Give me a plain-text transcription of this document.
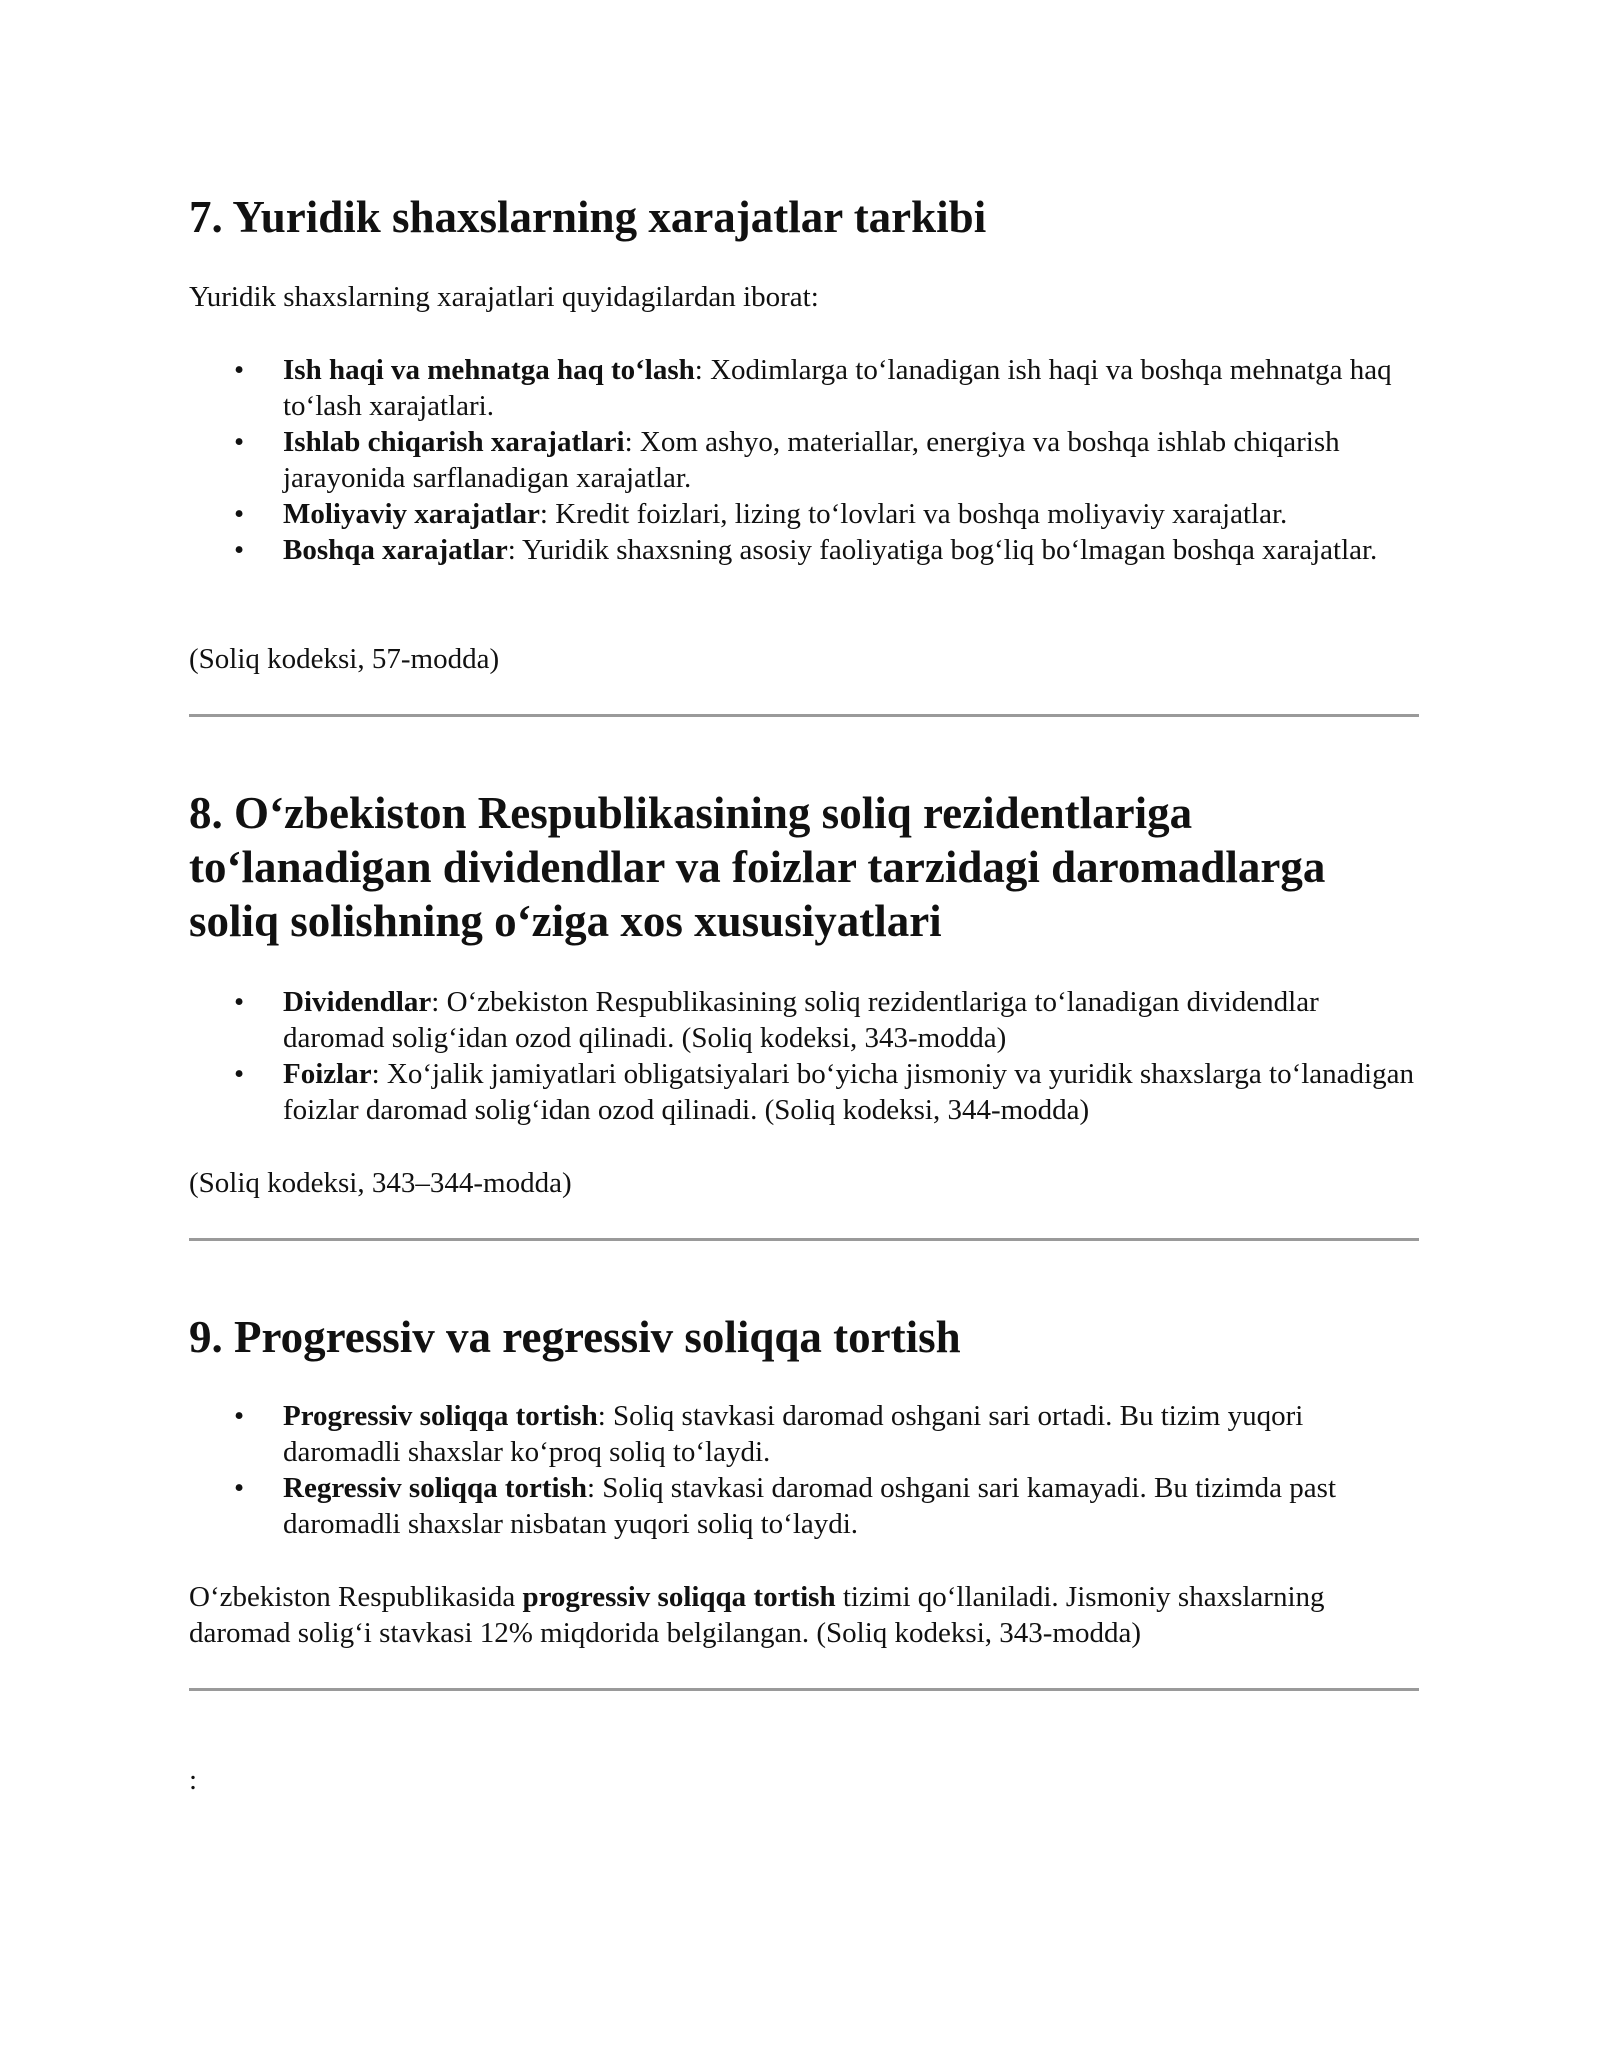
7. Yuridik shaxslarning xarajatlar tarkibi

Yuridik shaxslarning xarajatlari quyidagilardan iborat:

• Ish haqi va mehnatga haq to‘lash: Xodimlarga to‘lanadigan ish haqi va boshqa mehnatga haq to‘lash xarajatlari.
• Ishlab chiqarish xarajatlari: Xom ashyo, materiallar, energiya va boshqa ishlab chiqarish jarayonida sarflanadigan xarajatlar.
• Moliyaviy xarajatlar: Kredit foizlari, lizing to‘lovlari va boshqa moliyaviy xarajatlar.
• Boshqa xarajatlar: Yuridik shaxsning asosiy faoliyatiga bog‘liq bo‘lmagan boshqa xarajatlar.

(Soliq kodeksi, 57-modda)

8. O‘zbekiston Respublikasining soliq rezidentlariga to‘lanadigan dividendlar va foizlar tarzidagi daromadlarga soliq solishning o‘ziga xos xususiyatlari
• Dividendlar: O‘zbekiston Respublikasining soliq rezidentlariga to‘lanadigan dividendlar daromad solig‘idan ozod qilinadi. (Soliq kodeksi, 343-modda)
• Foizlar: Xo‘jalik jamiyatlari obligatsiyalari bo‘yicha jismoniy va yuridik shaxslarga to‘lanadigan foizlar daromad solig‘idan ozod qilinadi. (Soliq kodeksi, 344-modda)

(Soliq kodeksi, 343–344-modda)

9. Progressiv va regressiv soliqqa tortish
• Progressiv soliqqa tortish: Soliq stavkasi daromad oshgani sari ortadi. Bu tizim yuqori daromadli shaxslar ko‘proq soliq to‘laydi.
• Regressiv soliqqa tortish: Soliq stavkasi daromad oshgani sari kamayadi. Bu tizimda past daromadli shaxslar nisbatan yuqori soliq to‘laydi.

O‘zbekiston Respublikasida progressiv soliqqa tortish tizimi qo‘llaniladi. Jismoniy shaxslarning daromad solig‘i stavkasi 12% miqdorida belgilangan. (Soliq kodeksi, 343-modda)

:
